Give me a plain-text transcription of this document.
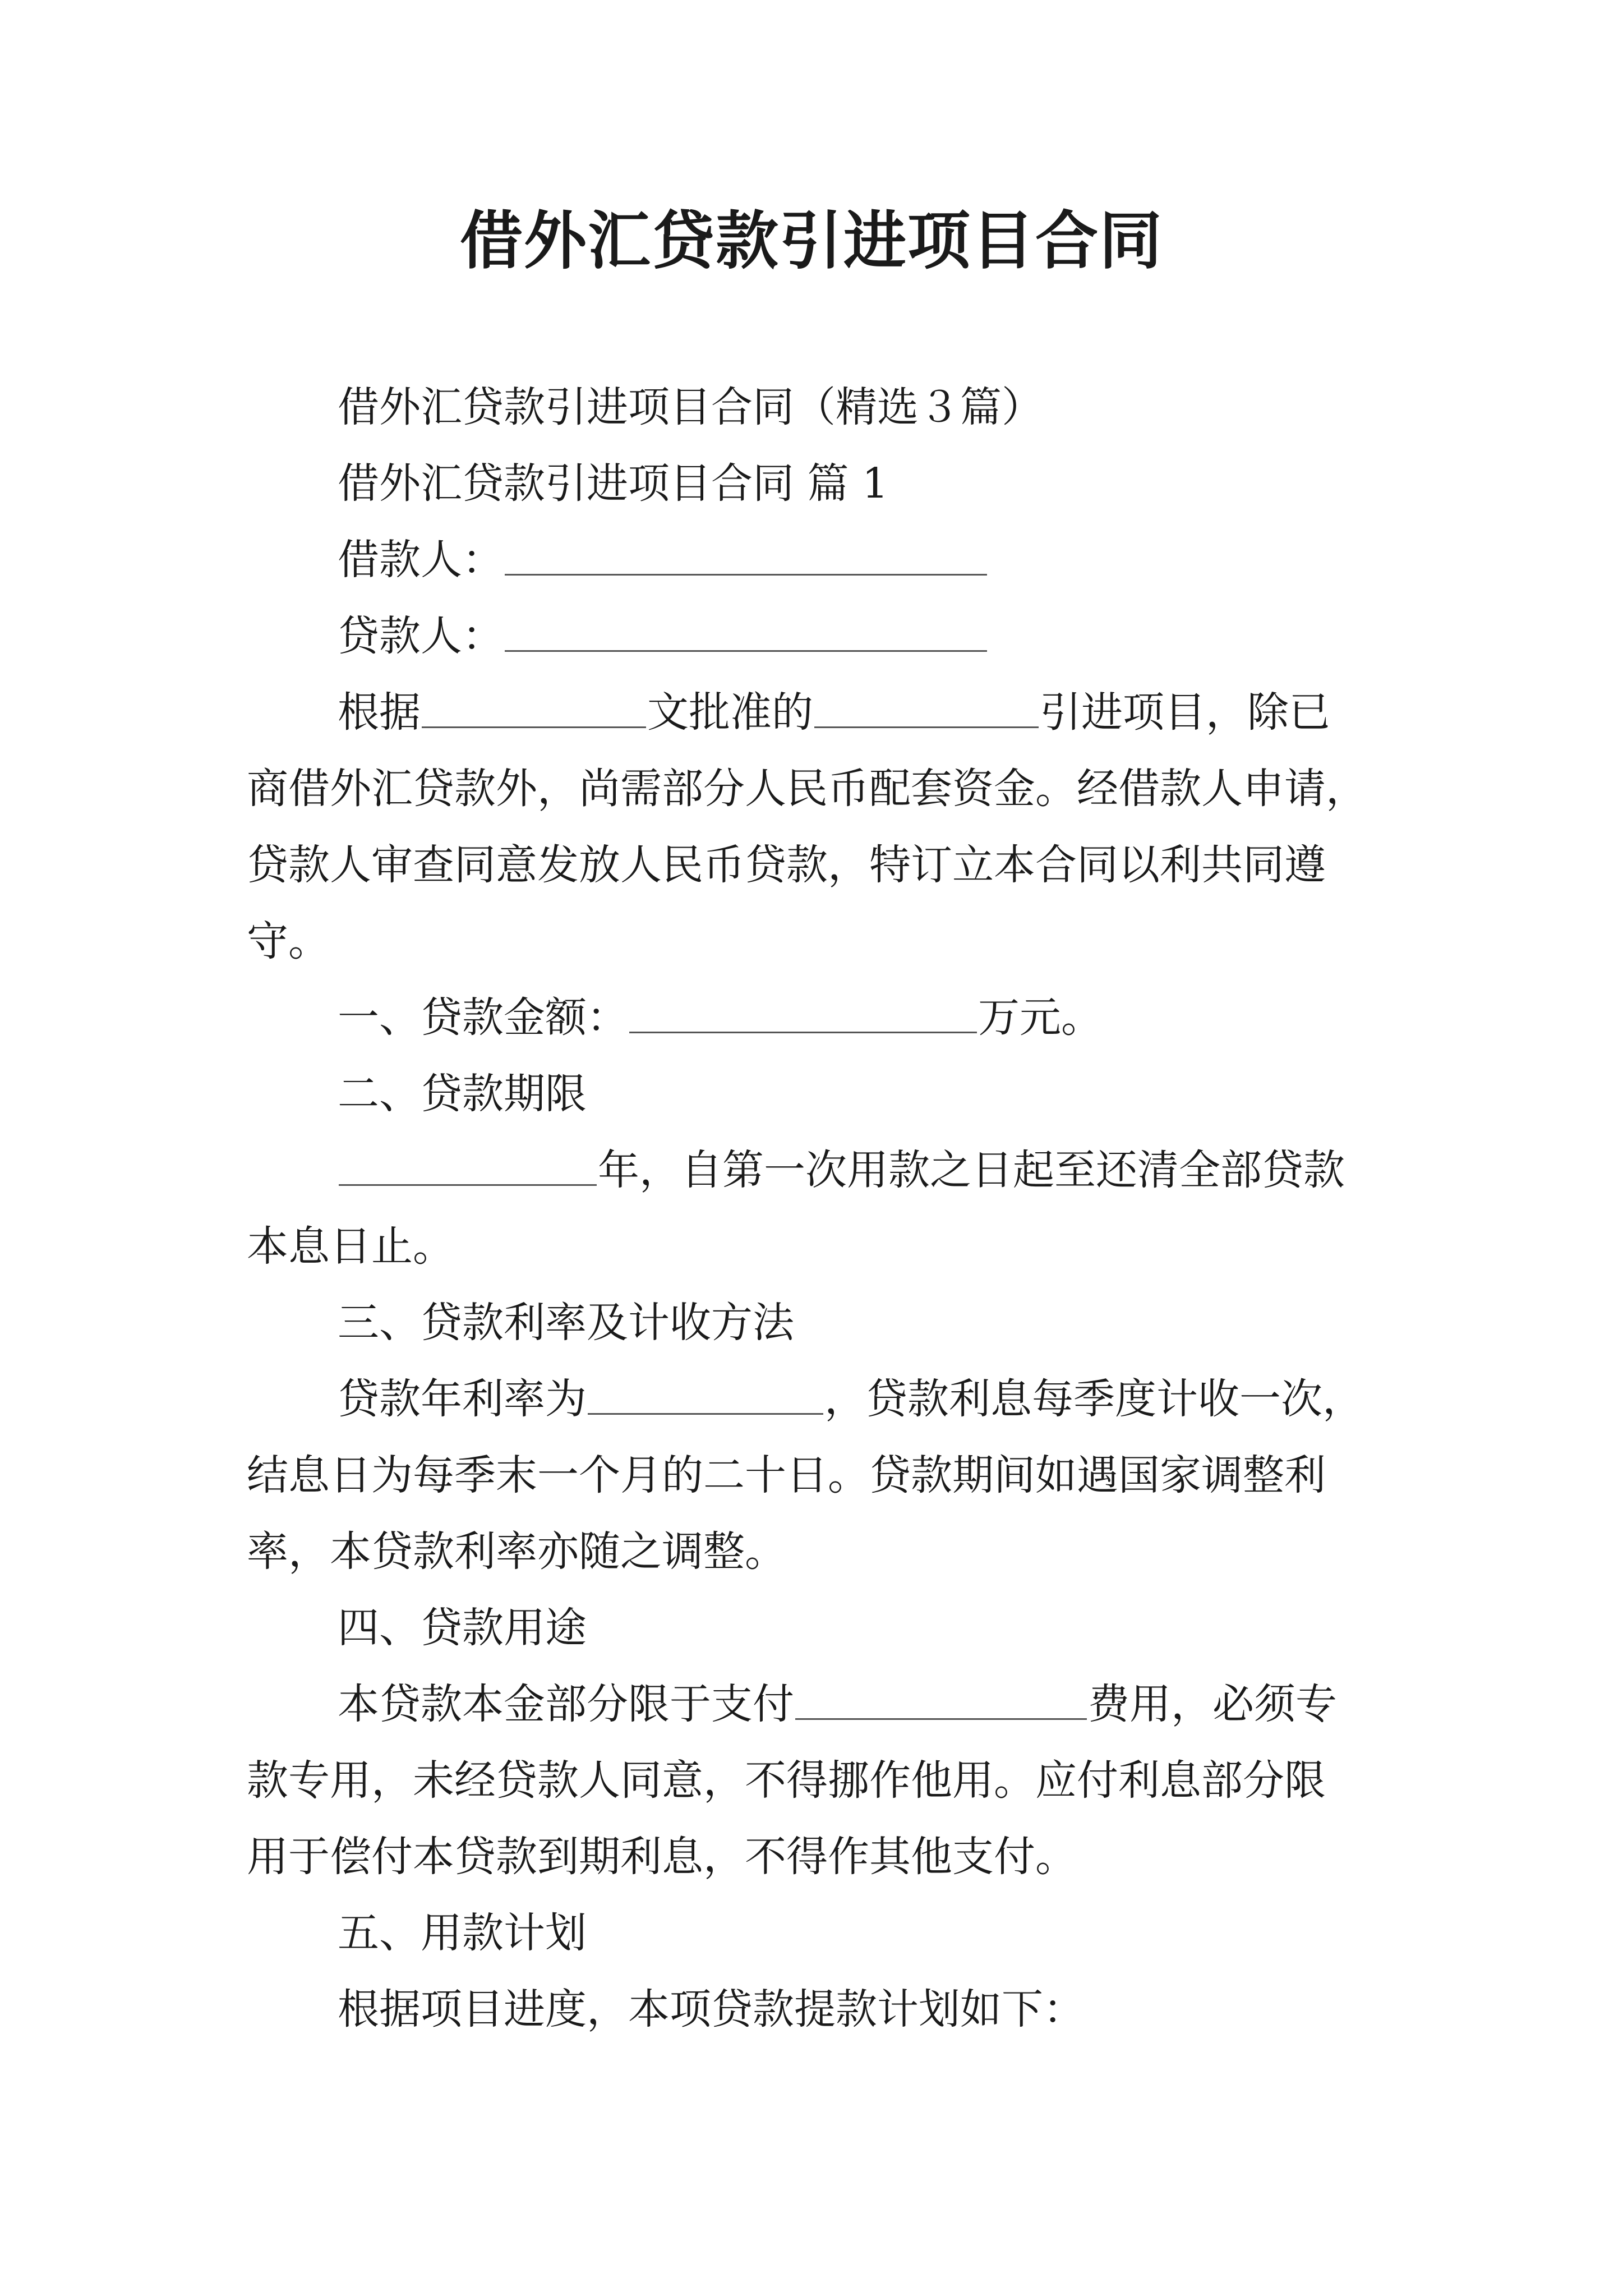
借外汇贷款引进项目合同
借外汇贷款引进项目合同（精选３篇）
借外汇贷款引进项目合同 篇 1
借款人：
贷款人：
根据	文批准的	引进项目，除已
商借外汇贷款外，尚需部分人民币配套资金。经借款人申请，
贷款人审查同意发放人民币贷款，特订立本合同以利共同遵
守。
一、贷款金额：	万元。
二、贷款期限
年，自第一次用款之日起至还清全部贷款
本息日止。
三、贷款利率及计收方法
贷款年利率为	，贷款利息每季度计收一次，
结息日为每季末一个月的二十日。贷款期间如遇国家调整利
率，本贷款利率亦随之调整。
四、贷款用途
本贷款本金部分限于支付	费用，必须专
款专用，未经贷款人同意，不得挪作他用。应付利息部分限
用于偿付本贷款到期利息，不得作其他支付。
五、用款计划
根据项目进度，本项贷款提款计划如下：
